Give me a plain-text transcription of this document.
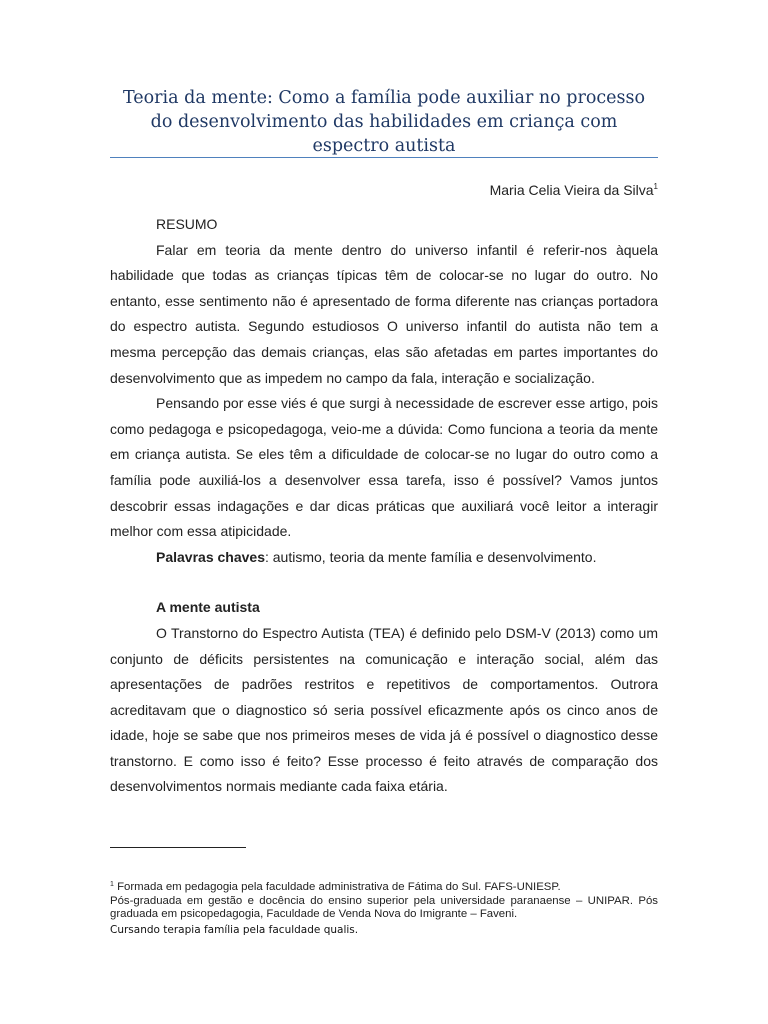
Teoria da mente: Como a família pode auxiliar no processo do desenvolvimento das habilidades em criança com espectro autista
Maria Celia Vieira da Silva$^1$

RESUMO

Falar em teoria da mente dentro do universo infantil é referir-nos àquela habilidade que todas as crianças típicas têm de colocar-se no lugar do outro. No entanto, esse sentimento não é apresentado de forma diferente nas crianças portadora do espectro autista. Segundo estudiosos O universo infantil do autista não tem a mesma percepção das demais crianças, elas são afetadas em partes importantes do desenvolvimento que as impedem no campo da fala, interação e socialização.

Pensando por esse viés é que surgi à necessidade de escrever esse artigo, pois como pedagoga e psicopedagoga, veio-me a dúvida: Como funciona a teoria da mente em criança autista. Se eles têm a dificuldade de colocar-se no lugar do outro como a família pode auxiliá-los a desenvolver essa tarefa, isso é possível? Vamos juntos descobrir essas indagações e dar dicas práticas que auxiliará você leitor a interagir melhor com essa atipicidade.

Palavras chaves: autismo, teoria da mente família e desenvolvimento.

A mente autista

O Transtorno do Espectro Autista (TEA) é definido pelo DSM-V (2013) como um conjunto de déficits persistentes na comunicação e interação social, além das apresentações de padrões restritos e repetitivos de comportamentos. Outrora acreditavam que o diagnostico só seria possível eficazmente após os cinco anos de idade, hoje se sabe que nos primeiros meses de vida já é possível o diagnostico desse transtorno. E como isso é feito? Esse processo é feito através de comparação dos desenvolvimentos normais mediante cada faixa etária.

$^1$ Formada em pedagogia pela faculdade administrativa de Fátima do Sul. FAFS-UNIESP.

Pós-graduada em gestão e docência do ensino superior pela universidade paranaense – UNIPAR. Pós graduada em psicopedagogia, Faculdade de Venda Nova do Imigrante – Faveni.

Cursando terapia família pela faculdade qualis.
